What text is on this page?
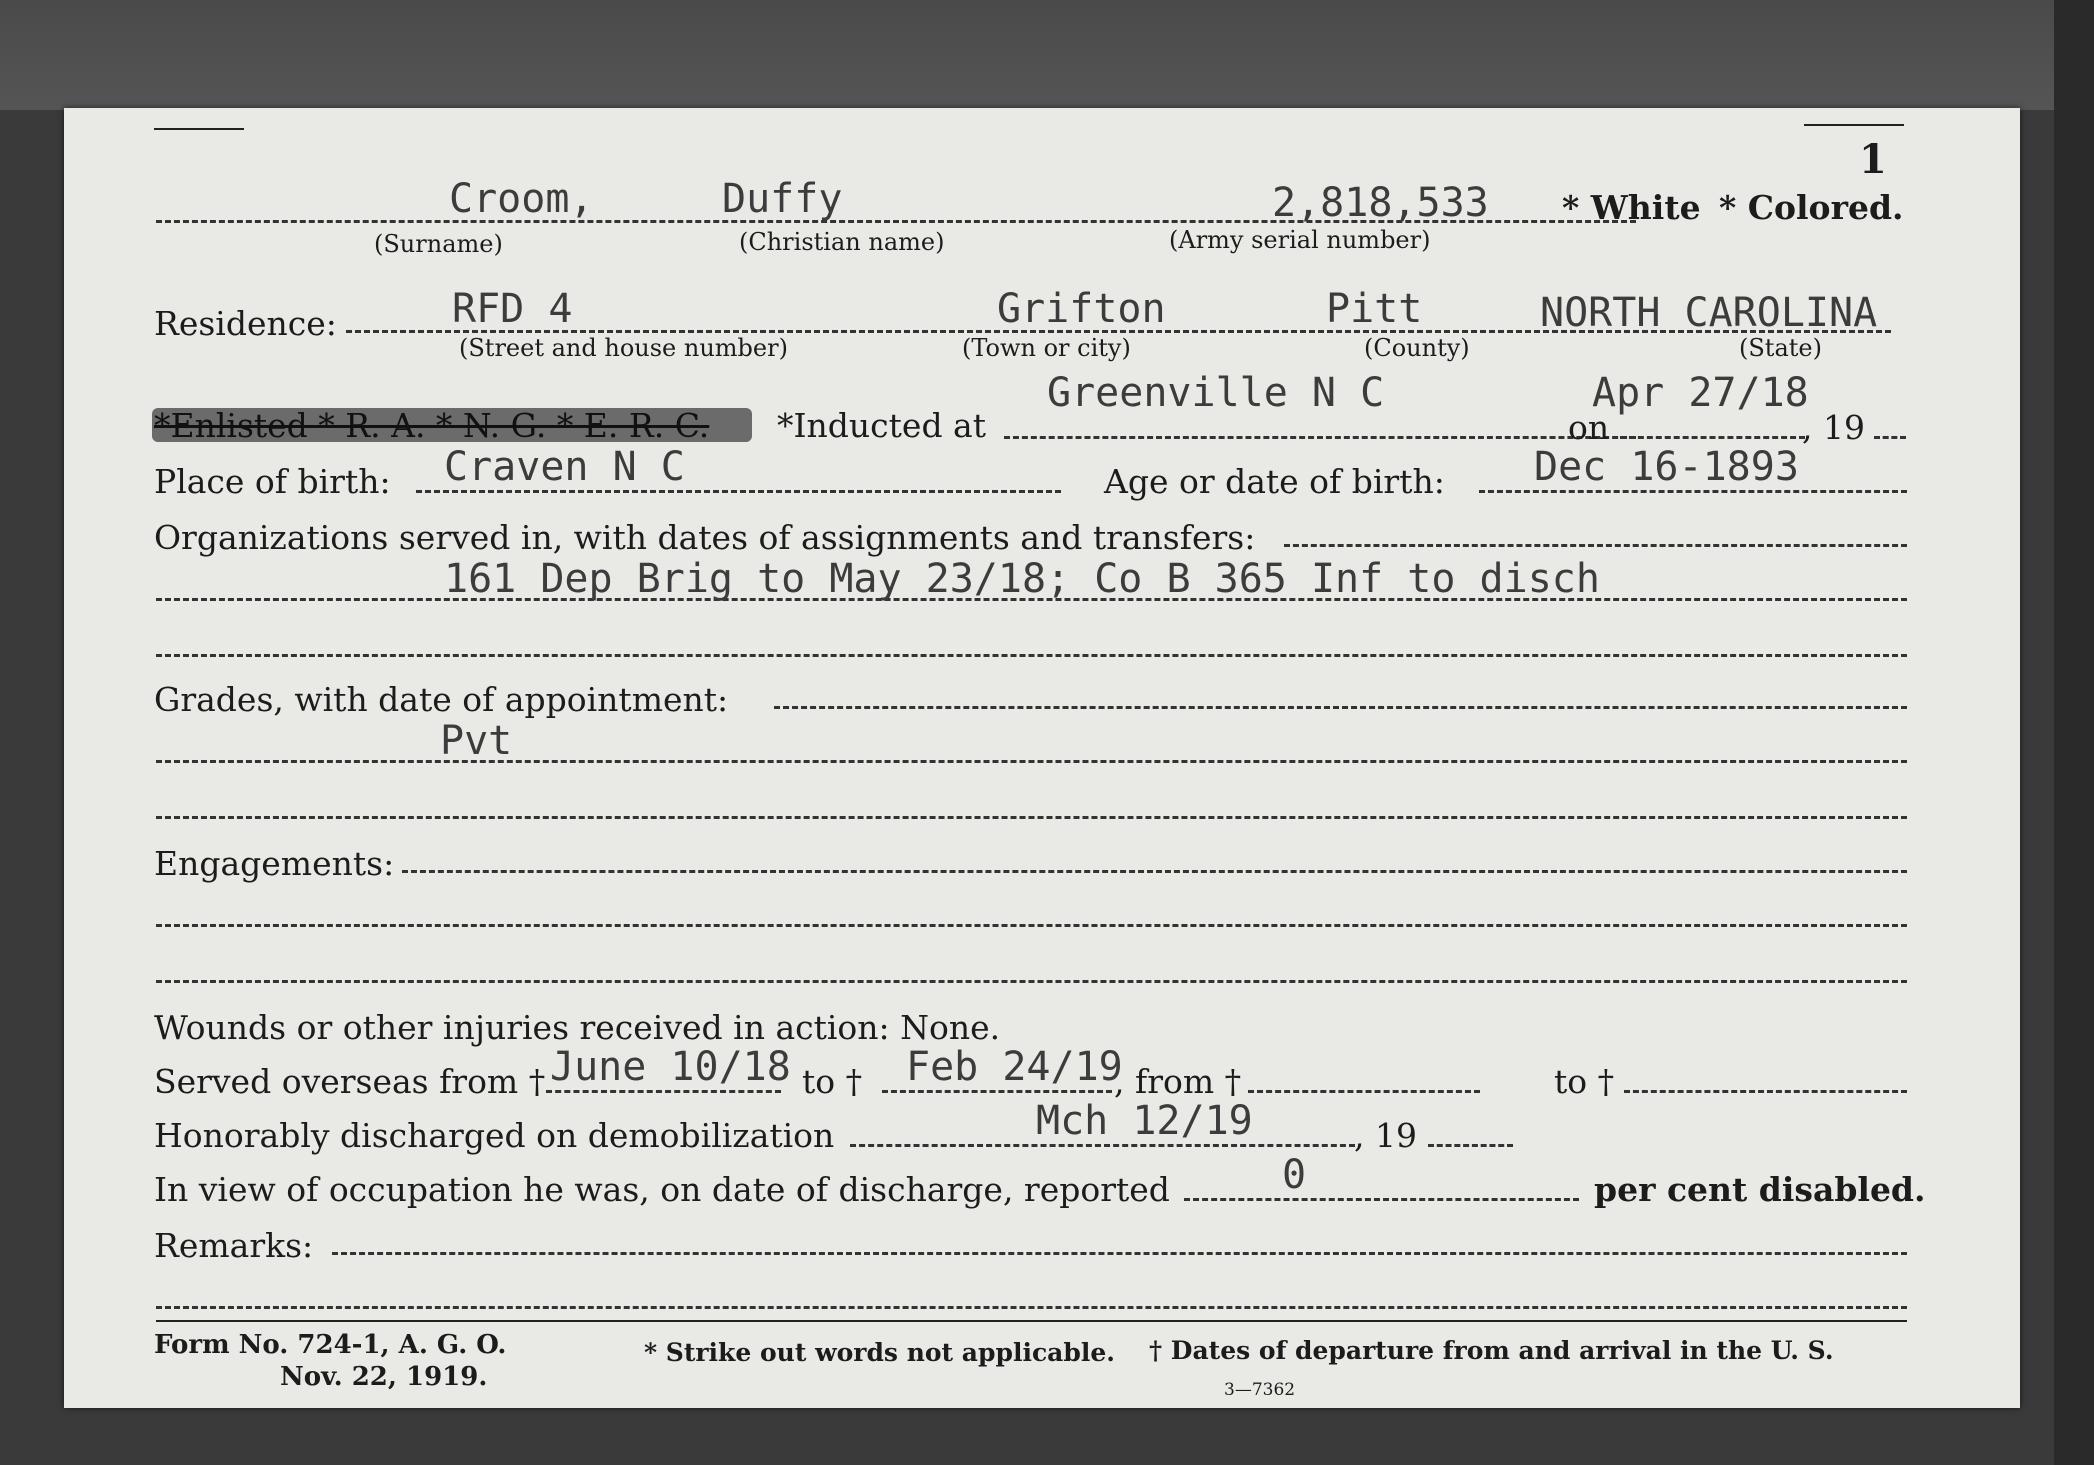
1
Croom,	Duffy	2,818,533 * White * Colored.
(Surname)	(Christian name)	(Army serial number)
Residence:	RFD 4	Grifton	Pitt	NORTH CAROLINA
(Street and house number)	(Town or city)	(County)	(State)
*Enlisted * R. A. * N. G. * E. R. C. *Inducted at
Greenville N C
on
Apr 27/18
, 19
Place of birth: Craven N C	Age or date of birth: Dec 16-1893
Organizations served in, with dates of assignments and transfers:
161 Dep Brig to May 23/18; Co B 365 Inf to disch
Grades, with date of appointment:
Pvt
Engagements:
Wounds or other injuries received in action: None.
Served overseas from † June 10/18 to † Feb 24/19
, from †	to †
Honorably discharged on demobilization	Mch 12/19	, 19
In view of occupation he was, on date of discharge, reported	0	per cent disabled.
Remarks:
Form No. 724-1, A. G. O.
Nov. 22, 1919.
* Strike out words not applicable. † Dates of departure from and arrival in the U. S.
3—7362
